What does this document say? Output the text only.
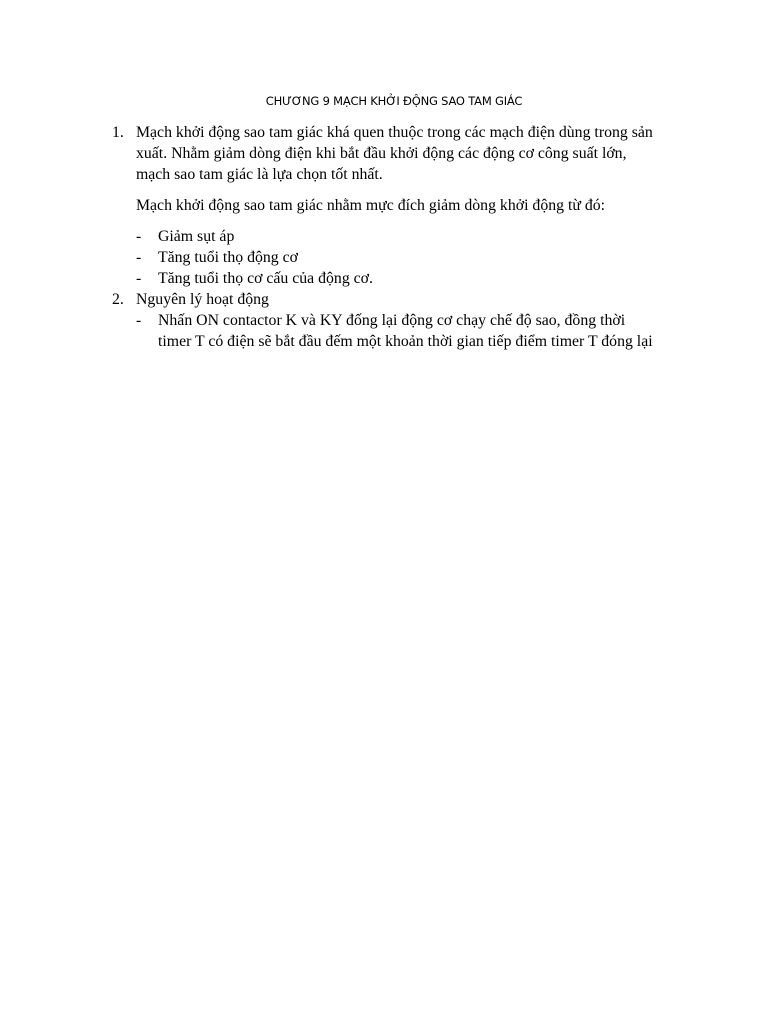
CHƯƠNG 9 MẠCH KHỞI ĐỘNG SAO TAM GIÁC
1. Mạch khởi động sao tam giác khá quen thuộc trong các mạch điện dùng trong sản
xuất. Nhằm giảm dòng điện khi bắt đầu khởi động các động cơ công suất lớn,
mạch sao tam giác là lựa chọn tốt nhất.
Mạch khởi động sao tam giác nhằm mực đích giảm dòng khởi động từ đó:
-	Giảm sụt áp
-	Tăng tuổi thọ động cơ
-	Tăng tuổi thọ cơ cấu của động cơ.
2. Nguyên lý hoạt động
-	Nhấn ON contactor K và KY đống lại động cơ chạy chế độ sao, đồng thời
timer T có điện sẽ bắt đầu đếm một khoản thời gian tiếp điểm timer T đóng lại
